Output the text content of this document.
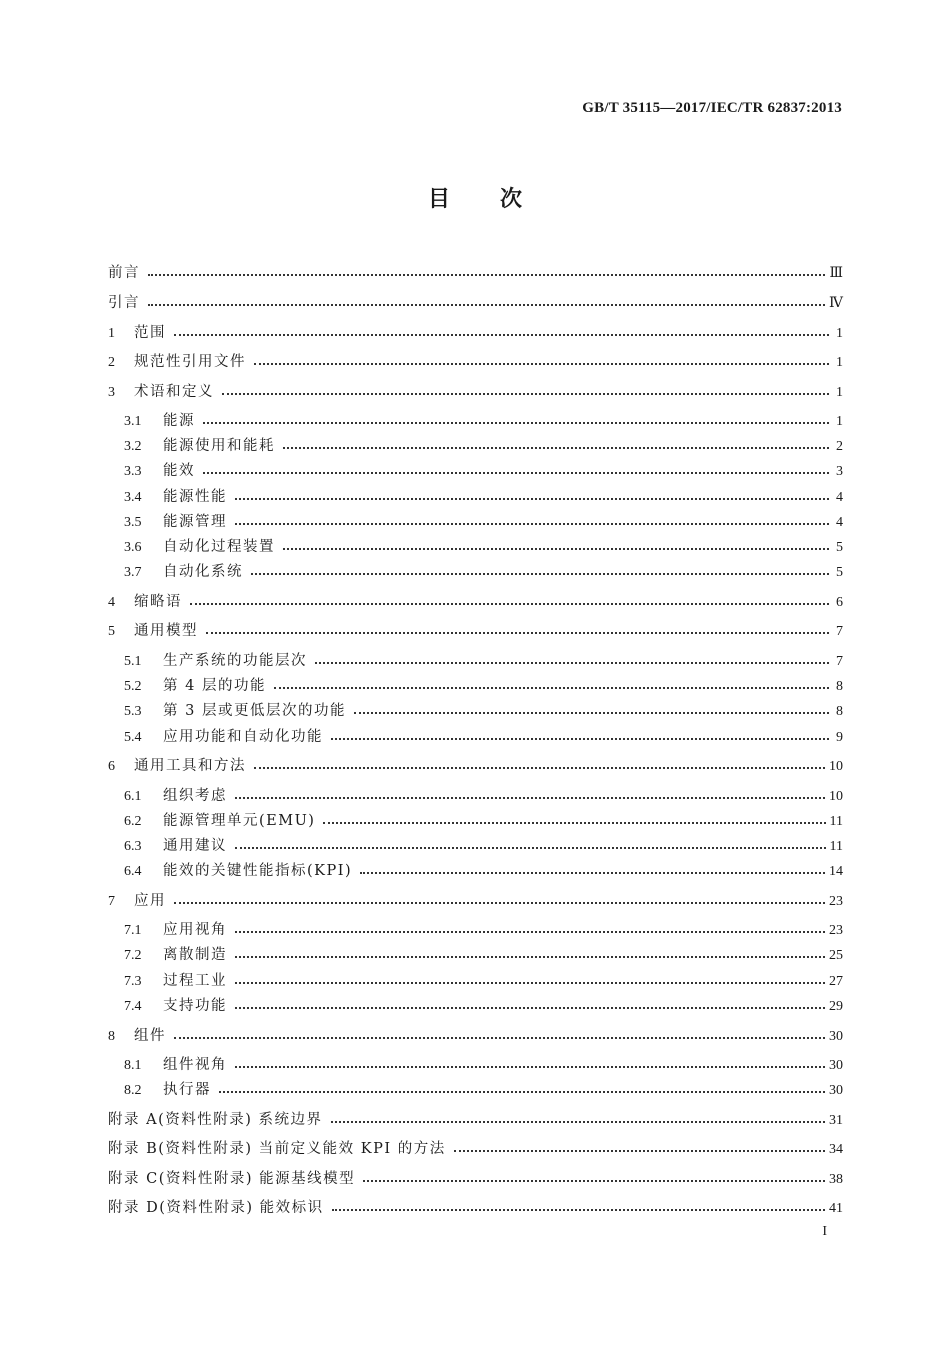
GB/T 35115—2017/IEC/TR 62837:2013
目次
前言	Ⅲ
引言	Ⅳ
1	范围	1
2	规范性引用文件	1
3	术语和定义	1
3.1	能源	1
3.2	能源使用和能耗	2
3.3	能效	3
3.4	能源性能	4
3.5	能源管理	4
3.6	自动化过程装置	5
3.7	自动化系统	5
4	缩略语	6
5	通用模型	7
5.1	生产系统的功能层次	7
5.2	第 4 层的功能	8
5.3	第 3 层或更低层次的功能	8
5.4	应用功能和自动化功能	9
6	通用工具和方法	10
6.1	组织考虑	10
6.2	能源管理单元(EMU)	11
6.3	通用建议	11
6.4	能效的关键性能指标(KPI)	14
7	应用	23
7.1	应用视角	23
7.2	离散制造	25
7.3	过程工业	27
7.4	支持功能	29
8	组件	30
8.1	组件视角	30
8.2	执行器	30
附录 A(资料性附录) 系统边界	31
附录 B(资料性附录) 当前定义能效 KPI 的方法	34
附录 C(资料性附录) 能源基线模型	38
附录 D(资料性附录) 能效标识	41
I
